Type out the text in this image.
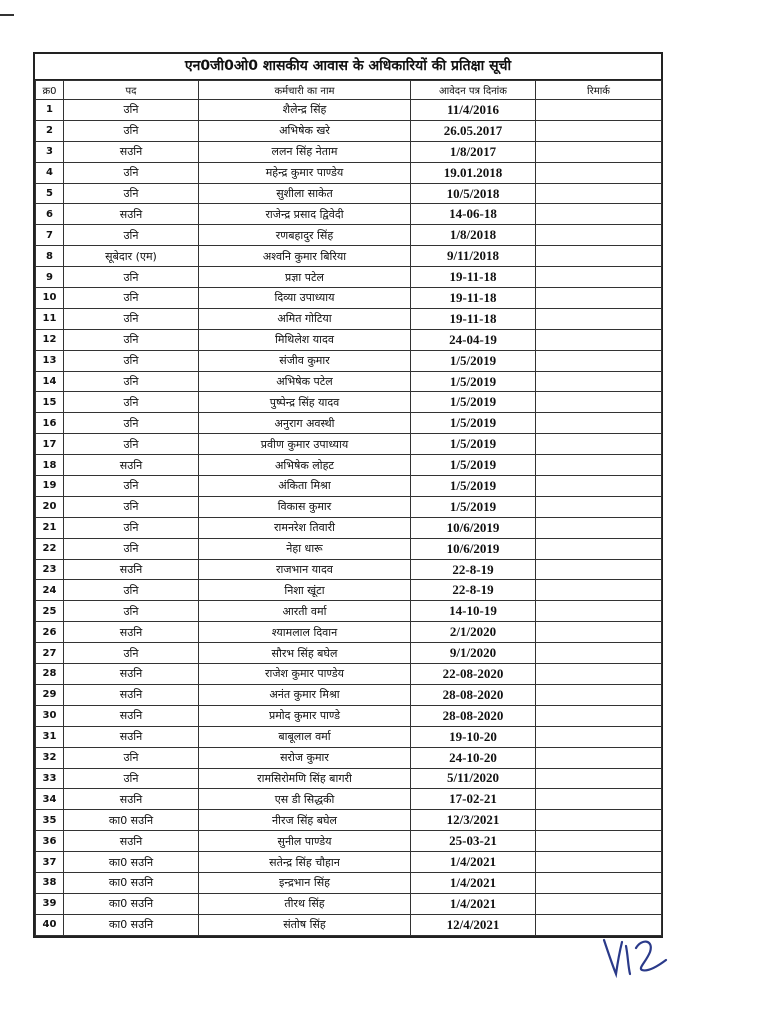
एन0जी0ओ0 शासकीय आवास के अधिकारियों की प्रतिक्षा सूची
क्र0	पद	कर्मचारी का नाम	आवेदन पत्र दिनांक	रिमार्क
1	उनि	शैलेन्द्र सिंह	11/4/2016	
2	उनि	अभिषेक खरे	26.05.2017	
3	सउनि	ललन सिंह नेताम	1/8/2017	
4	उनि	महेन्द्र कुमार पाण्डेय	19.01.2018	
5	उनि	सुशीला साकेत	10/5/2018	
6	सउनि	राजेन्द्र प्रसाद द्विवेदी	14-06-18	
7	उनि	रणबहादुर सिंह	1/8/2018	
8	सूबेदार (एम)	अश्वनि कुमार बिरिया	9/11/2018	
9	उनि	प्रज्ञा पटेल	19-11-18	
10	उनि	दिव्या उपाध्याय	19-11-18	
11	उनि	अमित गोटिया	19-11-18	
12	उनि	मिथिलेश यादव	24-04-19	
13	उनि	संजीव कुमार	1/5/2019	
14	उनि	अभिषेक पटेल	1/5/2019	
15	उनि	पुष्पेन्द्र सिंह यादव	1/5/2019	
16	उनि	अनुराग अवस्थी	1/5/2019	
17	उनि	प्रवीण कुमार उपाध्याय	1/5/2019	
18	सउनि	अभिषेक लोहट	1/5/2019	
19	उनि	अंकिता मिश्रा	1/5/2019	
20	उनि	विकास कुमार	1/5/2019	
21	उनि	रामनरेश तिवारी	10/6/2019	
22	उनि	नेहा धारू	10/6/2019	
23	सउनि	राजभान यादव	22-8-19	
24	उनि	निशा खूंटा	22-8-19	
25	उनि	आरती वर्मा	14-10-19	
26	सउनि	श्यामलाल दिवान	2/1/2020	
27	उनि	सौरभ सिंह बघेल	9/1/2020	
28	सउनि	राजेश कुमार पाण्डेय	22-08-2020	
29	सउनि	अनंत कुमार मिश्रा	28-08-2020	
30	सउनि	प्रमोद कुमार पाण्डे	28-08-2020	
31	सउनि	बाबूलाल वर्मा	19-10-20	
32	उनि	सरोज कुमार	24-10-20	
33	उनि	रामसिरोमणि सिंह बागरी	5/11/2020	
34	सउनि	एस डी सिद्धकी	17-02-21	
35	का0 सउनि	नीरज सिंह बघेल	12/3/2021	
36	सउनि	सुनील पाण्डेय	25-03-21	
37	का0 सउनि	सतेन्द्र सिंह चौहान	1/4/2021	
38	का0 सउनि	इन्द्रभान सिंह	1/4/2021	
39	का0 सउनि	तीरथ सिंह	1/4/2021	
40	का0 सउनि	संतोष सिंह	12/4/2021	
